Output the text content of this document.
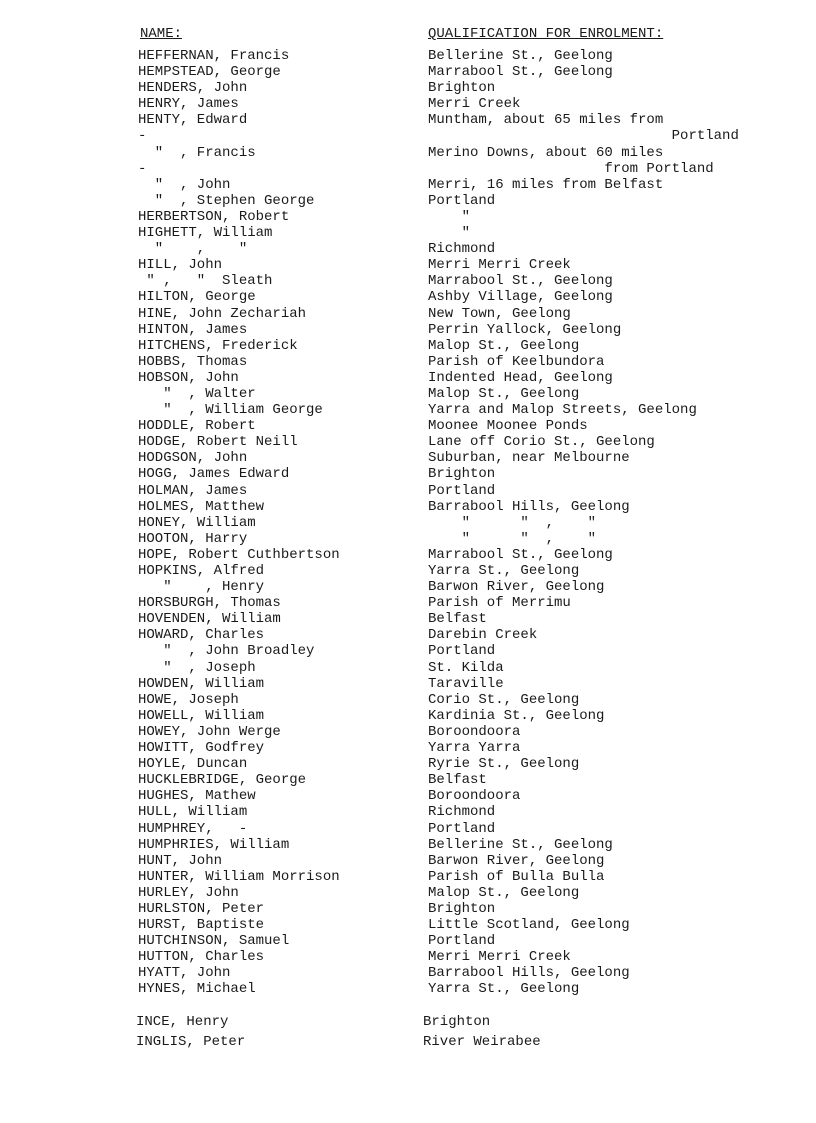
NAME:	QUALIFICATION FOR ENROLMENT:
HEFFERNAN, Francis	Bellerine St., Geelong
HEMPSTEAD, George	Marrabool St., Geelong
HENDERS, John	Brighton
HENRY, James	Merri Creek
HENTY, Edward	Muntham, about 65 miles from
-	Portland
"  , Francis	Merino Downs, about 60 miles
-	from Portland
"  , John	Merri, 16 miles from Belfast
"  , Stephen George	Portland
HERBERTSON, Robert	"
HIGHETT, William	"
"    ,    "	Richmond
HILL, John	Merri Merri Creek
" ,   "  Sleath	Marrabool St., Geelong
HILTON, George	Ashby Village, Geelong
HINE, John Zechariah	New Town, Geelong
HINTON, James	Perrin Yallock, Geelong
HITCHENS, Frederick	Malop St., Geelong
HOBBS, Thomas	Parish of Keelbundora
HOBSON, John	Indented Head, Geelong
"  , Walter	Malop St., Geelong
"  , William George	Yarra and Malop Streets, Geelong
HODDLE, Robert	Moonee Moonee Ponds
HODGE, Robert Neill	Lane off Corio St., Geelong
HODGSON, John	Suburban, near Melbourne
HOGG, James Edward	Brighton
HOLMAN, James	Portland
HOLMES, Matthew	Barrabool Hills, Geelong
HONEY, William	"      "  ,    "
HOOTON, Harry	"      "  ,    "
HOPE, Robert Cuthbertson	Marrabool St., Geelong
HOPKINS, Alfred	Yarra St., Geelong
"    , Henry	Barwon River, Geelong
HORSBURGH, Thomas	Parish of Merrimu
HOVENDEN, William	Belfast
HOWARD, Charles	Darebin Creek
"  , John Broadley	Portland
"  , Joseph	St. Kilda
HOWDEN, William	Taraville
HOWE, Joseph	Corio St., Geelong
HOWELL, William	Kardinia St., Geelong
HOWEY, John Werge	Boroondoora
HOWITT, Godfrey	Yarra Yarra
HOYLE, Duncan	Ryrie St., Geelong
HUCKLEBRIDGE, George	Belfast
HUGHES, Mathew	Boroondoora
HULL, William	Richmond
HUMPHREY,   -	Portland
HUMPHRIES, William	Bellerine St., Geelong
HUNT, John	Barwon River, Geelong
HUNTER, William Morrison	Parish of Bulla Bulla
HURLEY, John	Malop St., Geelong
HURLSTON, Peter	Brighton
HURST, Baptiste	Little Scotland, Geelong
HUTCHINSON, Samuel	Portland
HUTTON, Charles	Merri Merri Creek
HYATT, John	Barrabool Hills, Geelong
HYNES, Michael	Yarra St., Geelong
INCE, Henry	Brighton
INGLIS, Peter	River Weirabee
